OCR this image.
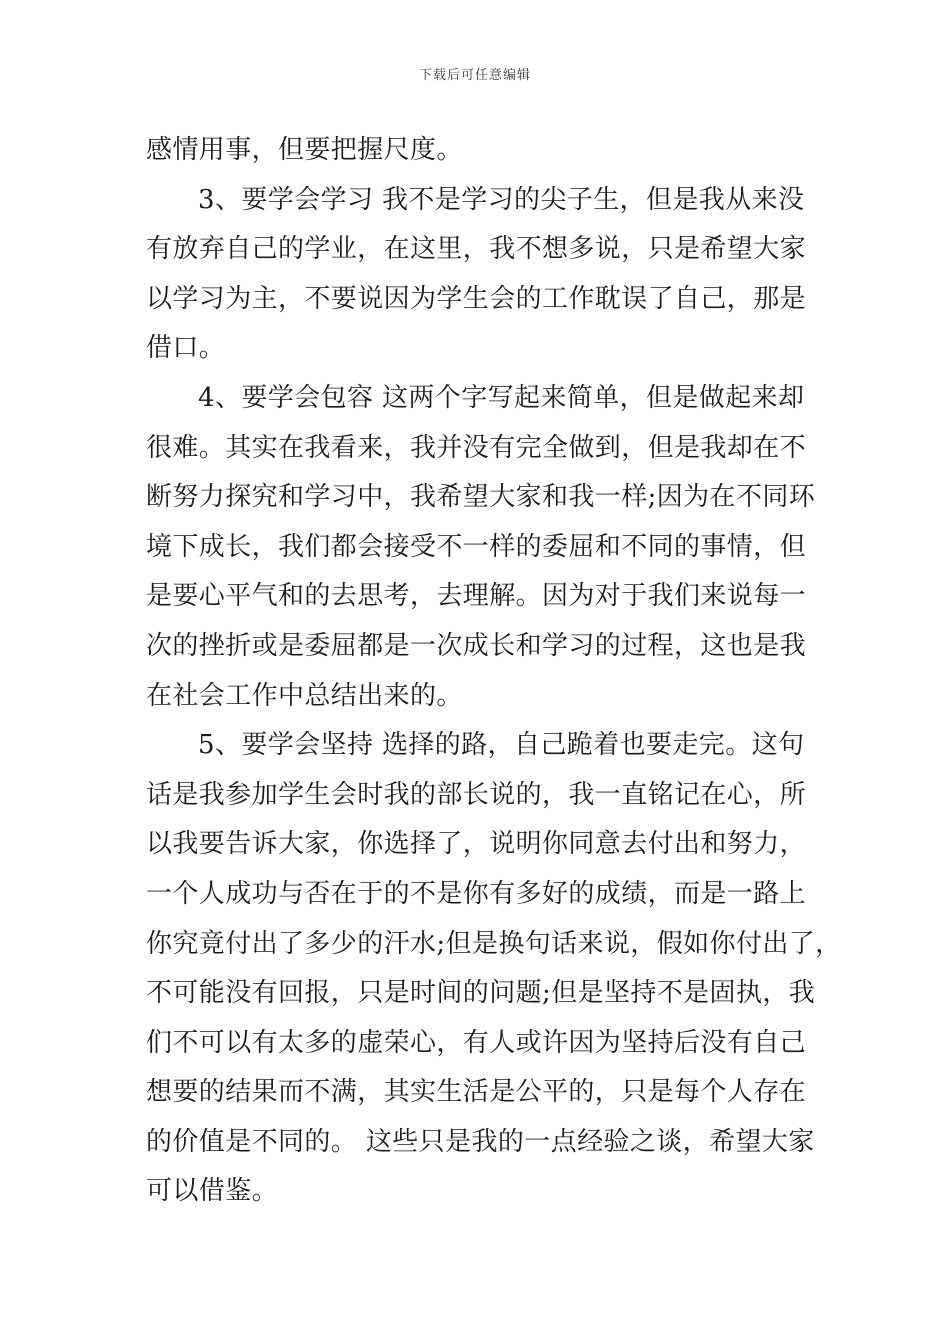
下载后可任意编辑
感情用事，但要把握尺度。
3、要学会学习 我不是学习的尖子生，但是我从来没
有放弃自己的学业，在这里，我不想多说，只是希望大家
以学习为主，不要说因为学生会的工作耽误了自己，那是
借口。
4、要学会包容 这两个字写起来简单，但是做起来却
很难。其实在我看来，我并没有完全做到，但是我却在不
断努力探究和学习中，我希望大家和我一样;因为在不同环
境下成长，我们都会接受不一样的委屈和不同的事情，但
是要心平气和的去思考，去理解。因为对于我们来说每一
次的挫折或是委屈都是一次成长和学习的过程，这也是我
在社会工作中总结出来的。
5、要学会坚持 选择的路，自己跪着也要走完。这句
话是我参加学生会时我的部长说的，我一直铭记在心，所
以我要告诉大家，你选择了，说明你同意去付出和努力，
一个人成功与否在于的不是你有多好的成绩，而是一路上
你究竟付出了多少的汗水;但是换句话来说，假如你付出了，
不可能没有回报，只是时间的问题;但是坚持不是固执，我
们不可以有太多的虚荣心，有人或许因为坚持后没有自己
想要的结果而不满，其实生活是公平的，只是每个人存在
的价值是不同的。 这些只是我的一点经验之谈，希望大家
可以借鉴。
